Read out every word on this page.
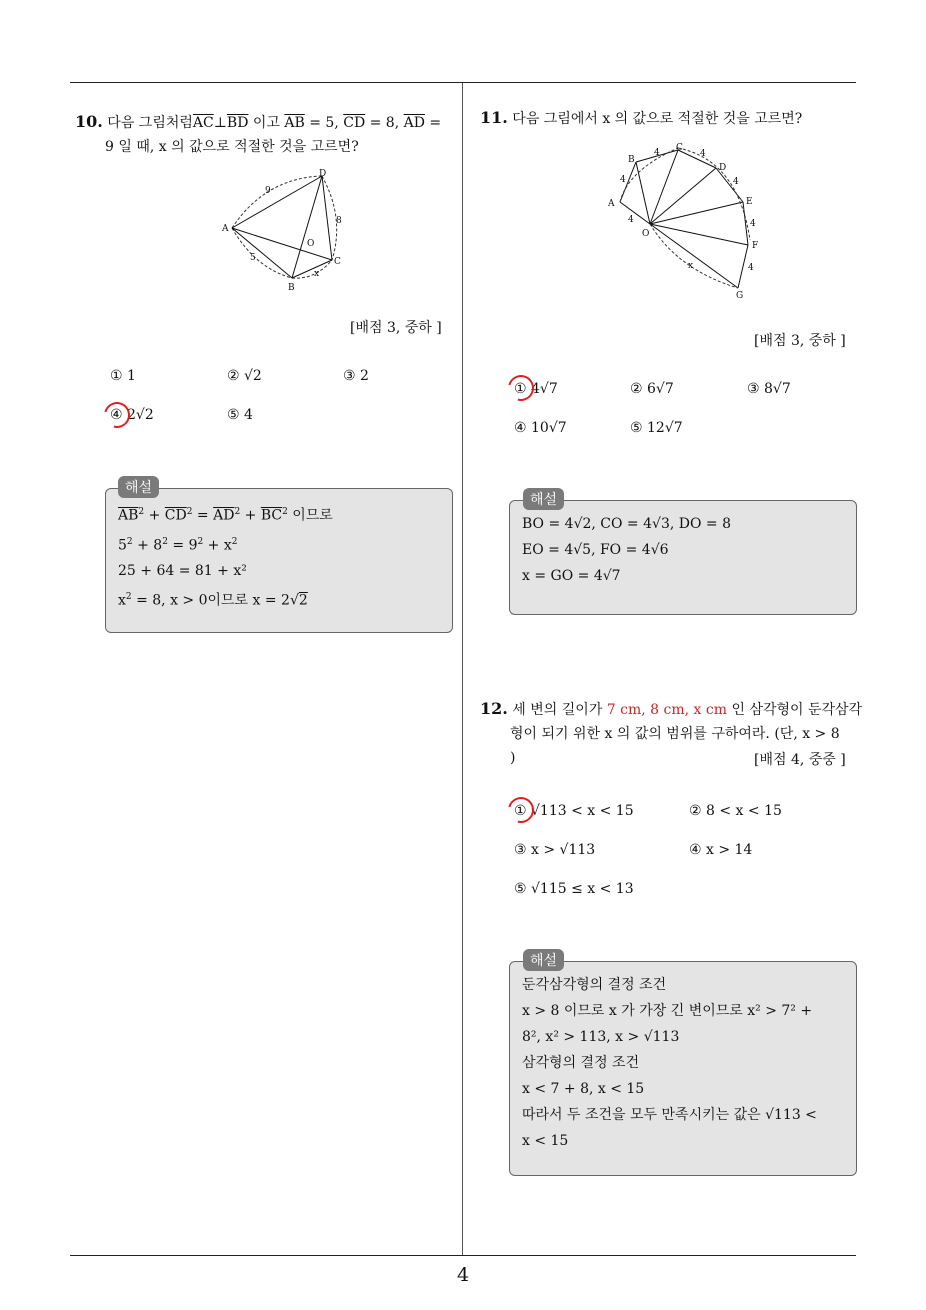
4
10. 다음 그림처럼$\overline{AC}\perp\overline{BD}$ 이고 $\overline{AB} = 5$, $\overline{CD} = 8$, $\overline{AD}$ =
9 일 때, x 의 값으로 적절한 것을 고르면?
A
B
C
D
O
9
8
5
x
[배점 3, 중하 ]
① 1	② √2	③ 2
④ 2√2	⑤ 4
$\overline{AB}^2 + \overline{CD}^2 = \overline{AD}^2 + \overline{BC}^2$ 이므로
$5^2 + 8^2 = 9^2 + x^2$
25 + 64 = 81 + x²
$x^2 = 8$, x > 0이므로 x = 2√2
해설
11. 다음 그림에서 x 의 값으로 적절한 것을 고르면?
A
B
C
D
E
F
G
O
4
4	4
4
4
4
4
x
[배점 3, 중하 ]
① 4√7	② 6√7	③ 8√7
④ 10√7	⑤ 12√7
BO = 4√2, CO = 4√3, DO = 8
EO = 4√5, FO = 4√6
x = GO = 4√7
해설
12. 세 변의 길이가 7 cm, 8 cm, x cm 인 삼각형이 둔각삼각
형이 되기 위한 x 의 값의 범위를 구하여라. (단, x > 8
)	[배점 4, 중중 ]
① √113 < x < 15	② 8 < x < 15
③ x > √113	④ x > 14
⑤ √115 ≤ x < 13
둔각삼각형의 결정 조건
x > 8 이므로 x 가 가장 긴 변이므로 x² > 7² +
8², x² > 113, x > √113
삼각형의 결정 조건
x < 7 + 8, x < 15
따라서 두 조건을 모두 만족시키는 값은 √113 <
x < 15
해설
